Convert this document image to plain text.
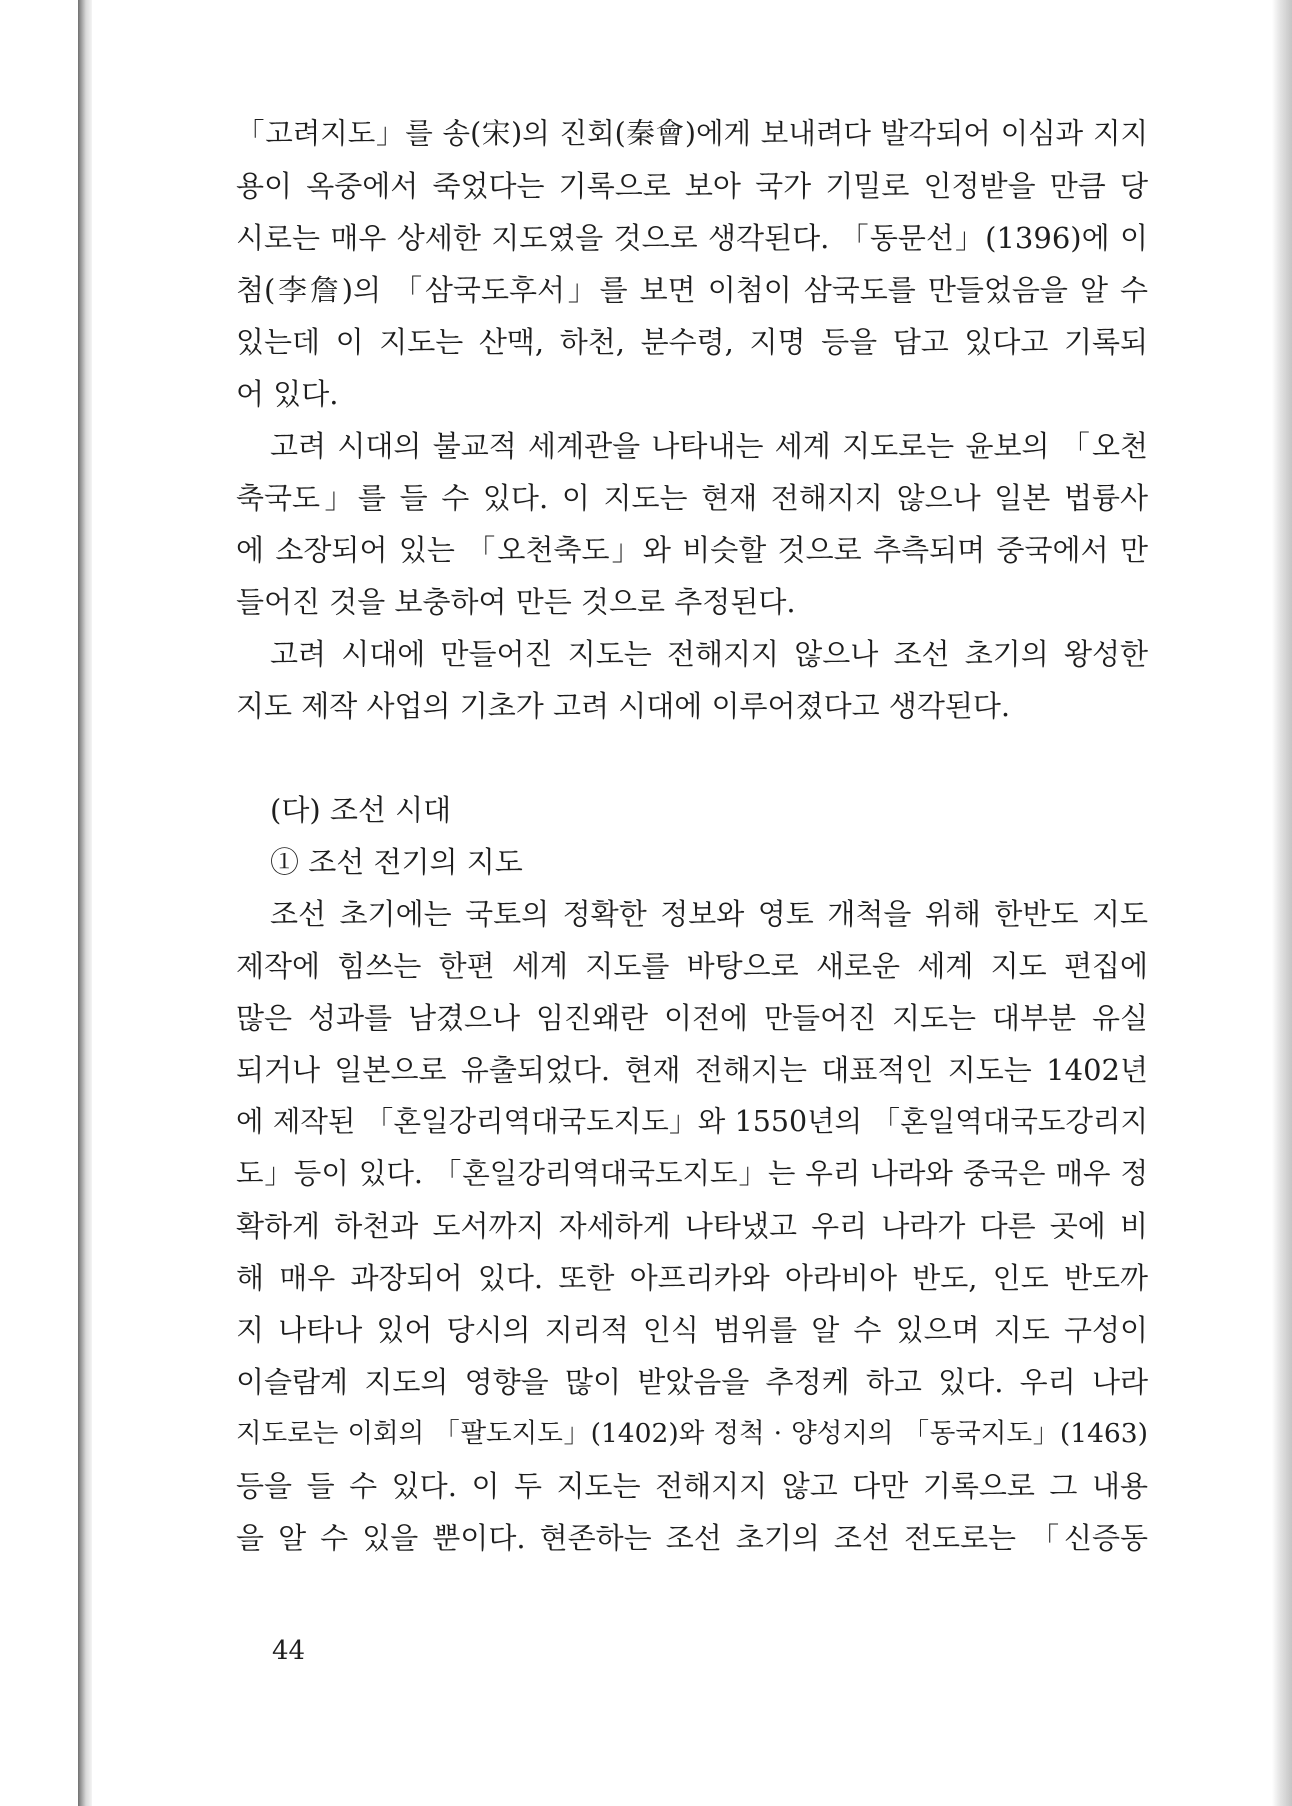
「고려지도」를 송(宋)의 진회(秦會)에게 보내려다 발각되어 이심과 지지
용이 옥중에서 죽었다는 기록으로 보아 국가 기밀로 인정받을 만큼 당
시로는 매우 상세한 지도였을 것으로 생각된다. 「동문선」(1396)에 이
첨(李詹)의 「삼국도후서」를 보면 이첨이 삼국도를 만들었음을 알 수
있는데 이 지도는 산맥, 하천, 분수령, 지명 등을 담고 있다고 기록되
어 있다.
고려 시대의 불교적 세계관을 나타내는 세계 지도로는 윤보의 「오천
축국도」를 들 수 있다. 이 지도는 현재 전해지지 않으나 일본 법륭사
에 소장되어 있는 「오천축도」와 비슷할 것으로 추측되며 중국에서 만
들어진 것을 보충하여 만든 것으로 추정된다.
고려 시대에 만들어진 지도는 전해지지 않으나 조선 초기의 왕성한
지도 제작 사업의 기초가 고려 시대에 이루어졌다고 생각된다.
(다) 조선 시대
① 조선 전기의 지도
조선 초기에는 국토의 정확한 정보와 영토 개척을 위해 한반도 지도
제작에 힘쓰는 한편 세계 지도를 바탕으로 새로운 세계 지도 편집에
많은 성과를 남겼으나 임진왜란 이전에 만들어진 지도는 대부분 유실
되거나 일본으로 유출되었다. 현재 전해지는 대표적인 지도는 1402년
에 제작된 「혼일강리역대국도지도」와 1550년의 「혼일역대국도강리지
도」등이 있다. 「혼일강리역대국도지도」는 우리 나라와 중국은 매우 정
확하게 하천과 도서까지 자세하게 나타냈고 우리 나라가 다른 곳에 비
해 매우 과장되어 있다. 또한 아프리카와 아라비아 반도, 인도 반도까
지 나타나 있어 당시의 지리적 인식 범위를 알 수 있으며 지도 구성이
이슬람계 지도의 영향을 많이 받았음을 추정케 하고 있다. 우리 나라
지도로는 이회의 「팔도지도」(1402)와 정척 · 양성지의 「동국지도」(1463)
등을 들 수 있다. 이 두 지도는 전해지지 않고 다만 기록으로 그 내용
을 알 수 있을 뿐이다. 현존하는 조선 초기의 조선 전도로는 「신증동
44
